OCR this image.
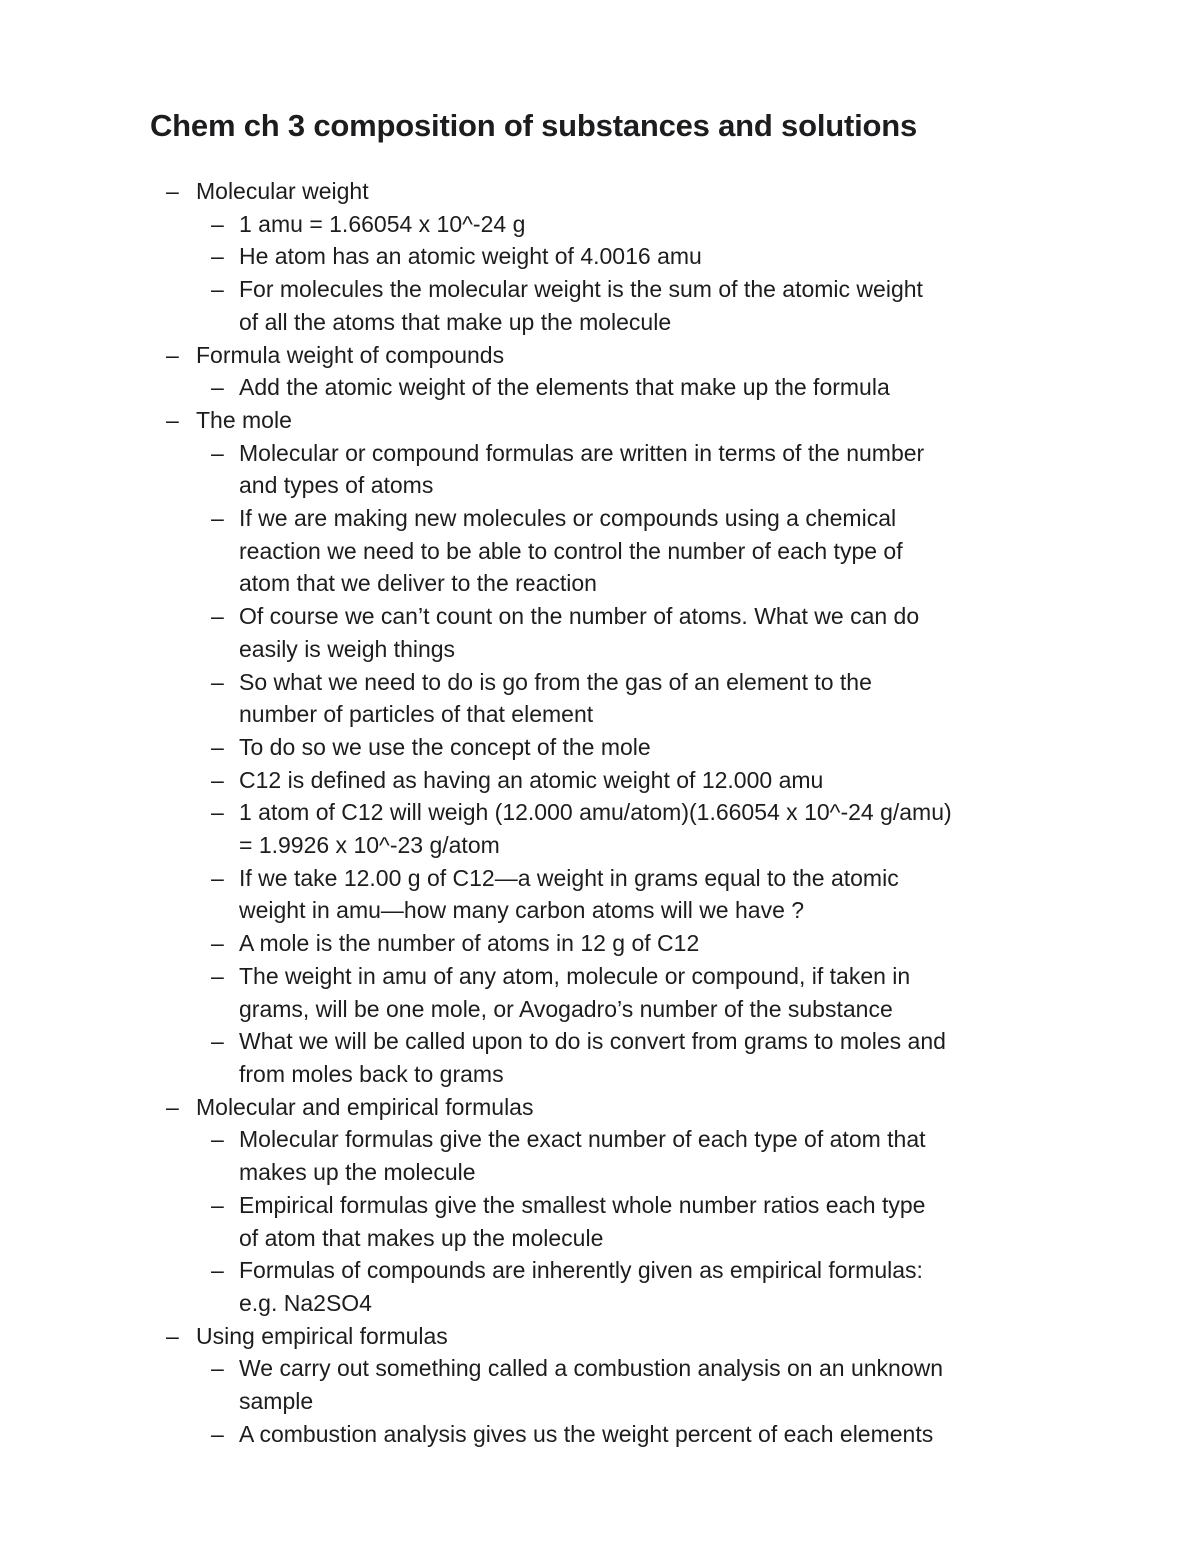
Chem ch 3 composition of substances and solutions
– Molecular weight
– 1 amu = 1.66054 x 10^-24 g
– He atom has an atomic weight of 4.0016 amu
– For molecules the molecular weight is the sum of the atomic weight
of all the atoms that make up the molecule
– Formula weight of compounds
– Add the atomic weight of the elements that make up the formula
– The mole
– Molecular or compound formulas are written in terms of the number
and types of atoms
– If we are making new molecules or compounds using a chemical
reaction we need to be able to control the number of each type of
atom that we deliver to the reaction
– Of course we can’t count on the number of atoms. What we can do
easily is weigh things
– So what we need to do is go from the gas of an element to the
number of particles of that element
– To do so we use the concept of the mole
– C12 is defined as having an atomic weight of 12.000 amu
– 1 atom of C12 will weigh (12.000 amu/atom)(1.66054 x 10^-24 g/amu)
= 1.9926 x 10^-23 g/atom
– If we take 12.00 g of C12—a weight in grams equal to the atomic
weight in amu—how many carbon atoms will we have ?
– A mole is the number of atoms in 12 g of C12
– The weight in amu of any atom, molecule or compound, if taken in
grams, will be one mole, or Avogadro’s number of the substance
– What we will be called upon to do is convert from grams to moles and
from moles back to grams
– Molecular and empirical formulas
– Molecular formulas give the exact number of each type of atom that
makes up the molecule
– Empirical formulas give the smallest whole number ratios each type
of atom that makes up the molecule
– Formulas of compounds are inherently given as empirical formulas:
e.g. Na2SO4
– Using empirical formulas
– We carry out something called a combustion analysis on an unknown
sample
– A combustion analysis gives us the weight percent of each elements
